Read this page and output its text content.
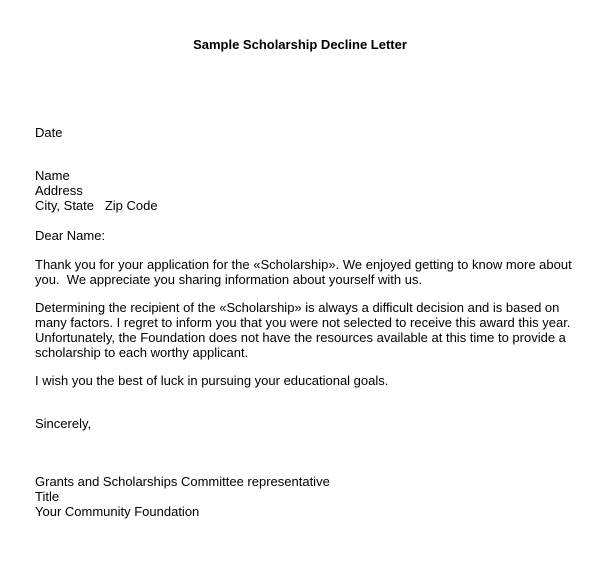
Sample Scholarship Decline Letter
Date
Name
Address
City, State   Zip Code
Dear Name:
Thank you for your application for the «Scholarship». We enjoyed getting to know more about
you.  We appreciate you sharing information about yourself with us.
Determining the recipient of the «Scholarship» is always a difficult decision and is based on
many factors. I regret to inform you that you were not selected to receive this award this year.
Unfortunately, the Foundation does not have the resources available at this time to provide a
scholarship to each worthy applicant.
I wish you the best of luck in pursuing your educational goals.
Sincerely,
Grants and Scholarships Committee representative
Title
Your Community Foundation
